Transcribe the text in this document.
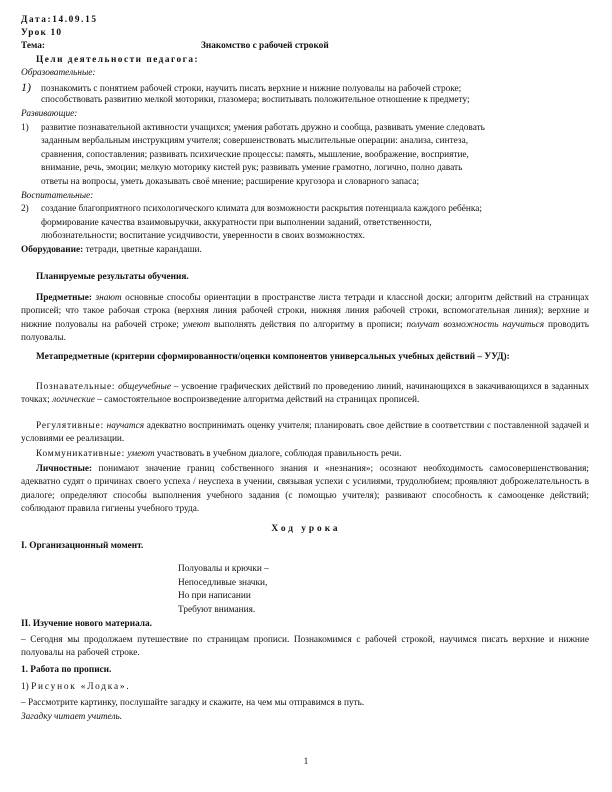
Дата:14.09.15
Урок 10
Тема:	Знакомство с рабочей строкой
Цели деятельности педагога:
Образовательные:
1) познакомить с понятием рабочей строки, научить писать верхние и нижние полуовалы на рабочей строке;
способствовать развитию мелкой моторики, глазомера; воспитывать положительное отношение к предмету;
Развивающие:
1) развитие познавательной активности учащихся; умения работать дружно и сообща, развивать умение следовать
заданным вербальным инструкциям учителя; совершенствовать мыслительные операции: анализа, синтеза,
сравнения, сопоставления; развивать психические процессы: память, мышление, воображение, восприятие,
внимание, речь, эмоции; мелкую моторику кистей рук; развивать умение грамотно, логично, полно давать
ответы на вопросы, уметь доказывать своё мнение; расширение кругозора и словарного запаса;
Воспитательные:
2) создание благоприятного психологического климата для возможности раскрытия потенциала каждого ребёнка;
формирование качества взаимовыручки, аккуратности при выполнении заданий, ответственности,
любознательности; воспитание усидчивости, уверенности в своих возможностях.
Оборудование: тетради, цветные карандаши.
Планируемые результаты обучения.
Предметные: знают основные способы ориентации в пространстве листа тетради и классной доски; алгоритм действий на страницах прописей; что такое рабочая строка (верхняя линия рабочей строки, нижняя линия рабочей строки, вспомогательная линия); верхние и нижние полуовалы на рабочей строке; умеют выполнять действия по алгоритму в прописи; получат возможность научиться проводить полуовалы.
Метапредметные (критерии сформированности/оценки компонентов универсальных учебных действий – УУД):
Познавательные: общеучебные – усвоение графических действий по проведению линий, начинающихся в закачивающихся в заданных точках; логические – самостоятельное воспроизведение алгоритма действий на страницах прописей.
Регулятивные: научатся адекватно воспринимать оценку учителя; планировать свое действие в соответствии с поставленной задачей и условиями ее реализации.
Коммуникативные: умеют участвовать в учебном диалоге, соблюдая правильность речи.
Личностные: понимают значение границ собственного знания и «незнания»; осознают необходимость самосовершенствования; адекватно судят о причинах своего успеха / неуспеха в учении, связывая успехи с усилиями, трудолюбием; проявляют доброжелательность в диалоге; определяют способы выполнения учебного задания (с помощью учителя); развивают способность к самооценке действий; соблюдают правила гигиены учебного труда.
Ход урока
I. Организационный момент.
Полуовалы и крючки –
Непоседливые значки,
Но при написании
Требуют внимания.
II. Изучение нового материала.
– Сегодня мы продолжаем путешествие по страницам прописи. Познакомимся с рабочей строкой, научимся писать верхние и нижние полуовалы на рабочей строке.
1. Работа по прописи.
1) Рисунок «Лодка».
– Рассмотрите картинку, послушайте загадку и скажите, на чем мы отправимся в путь.
Загадку читает учитель.
1
